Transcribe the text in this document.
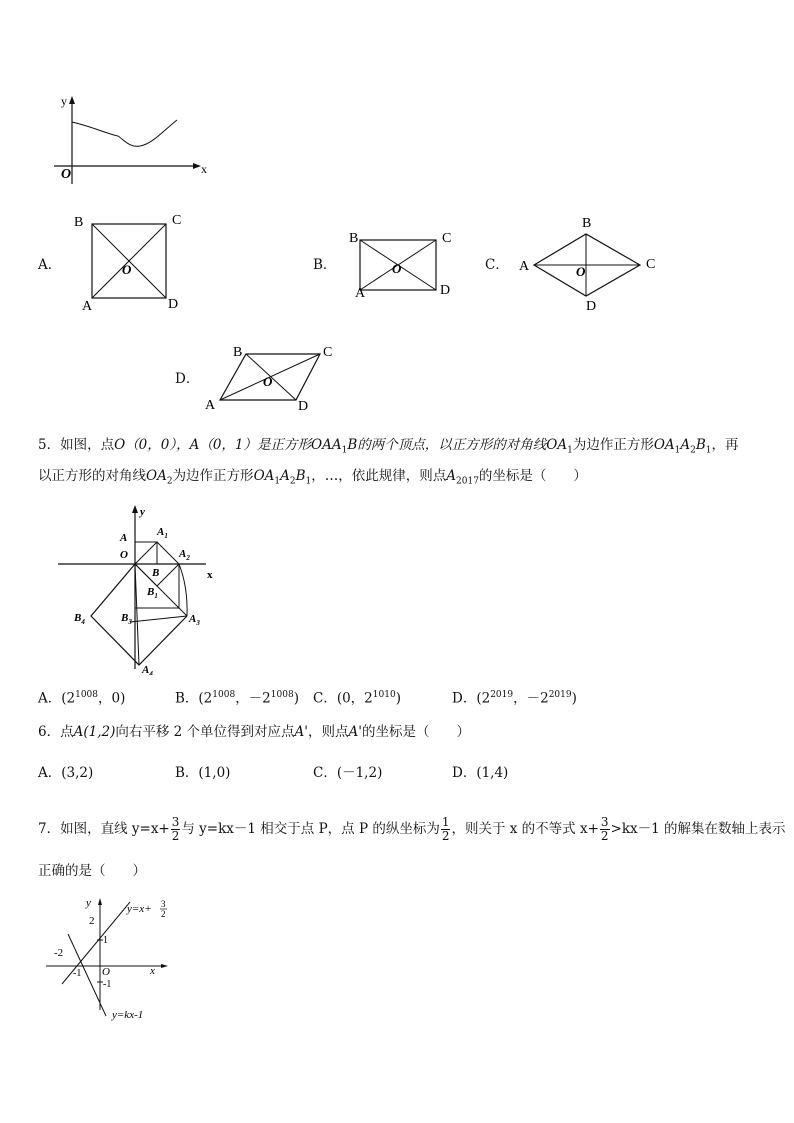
y
x
O
A．
B	C
A	D
O	B．
B	C
A	D
O	C．
B
C
A
D
O
D．
B	C
A	D
O
5．如图，点O（0，0），A（0，1）是正方形$OAA_1B$的两个顶点，以正方形的对角线$OA_1$为边作正方形$OA_1A_2B_1$，再
以正方形的对角线$OA_2$为边作正方形$OA_1A_2B_1$，…，依此规律，则点$A_{2017}$的坐标是（　　）
y
x
O
A	$A_1$
$A_2$
$A_3$
$A_4$
B
$B_1$
$B_4$	$B_3$
A．($2^{1008}$，0)	B．($2^{1008}$，$-2^{1008}$) C．(0，$2^{1010}$)	D．($2^{2019}$，$-2^{2019}$)
6．点A(1,2)向右平移 2 个单位得到对应点A'，则点A'的坐标是（　　）
A．(3,2)	B．(1,0)	C．(－1,2)	D．(1,4)
7．如图，直线 $y=x+ \frac{3}{2}$ 与 y=kx－1 相交于点 P，点 P 的纵坐标为 $\frac{1}{2}$ ，则关于 x 的不等式 $x+ \frac{3}{2} >kx-1$ 的解集在数轴上表示
正确的是（　　）
y
x
O
2
1
-1
-2
-1
y=x+ 3
2
y=kx-1
